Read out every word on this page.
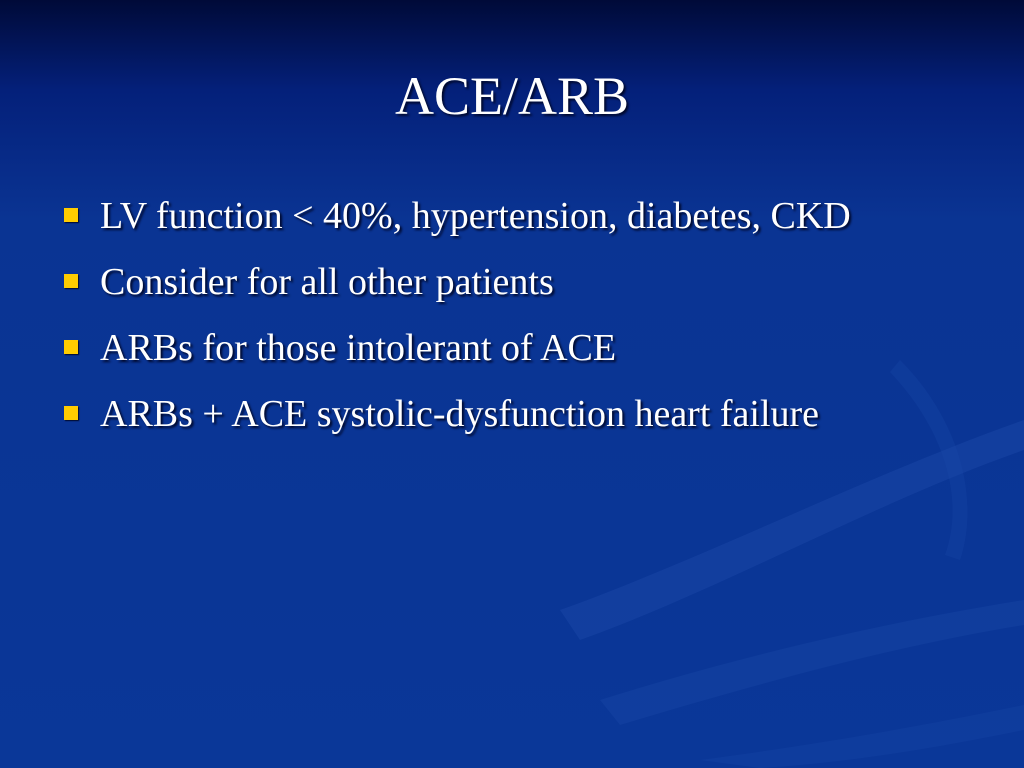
ACE/ARB
LV function < 40%, hypertension, diabetes, CKD
Consider for all other patients
ARBs for those intolerant of ACE
ARBs + ACE systolic-dysfunction heart failure
